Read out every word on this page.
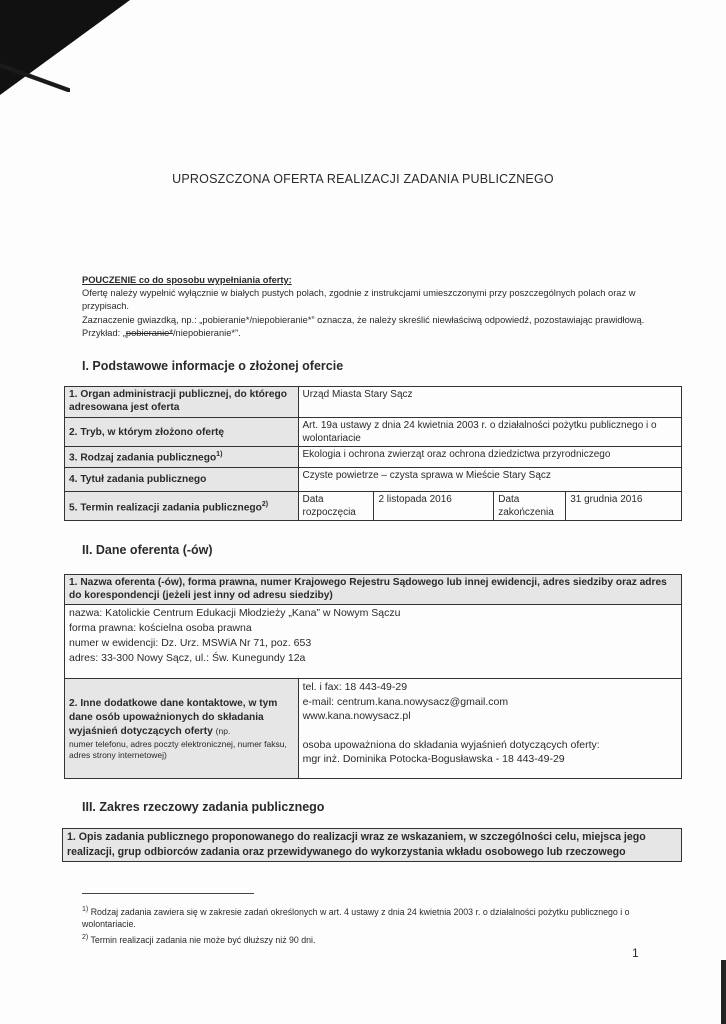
UPROSZCZONA OFERTA REALIZACJI ZADANIA PUBLICZNEGO
POUCZENIE co do sposobu wypełniania oferty:
Ofertę należy wypełnić wyłącznie w białych pustych polach, zgodnie z instrukcjami umieszczonymi przy poszczególnych polach oraz w przypisach.
Zaznaczenie gwiazdką, np.: „pobieranie*/niepobieranie*” oznacza, że należy skreślić niewłaściwą odpowiedź, pozostawiając prawidłową. Przykład: „pobieranie*/niepobieranie*”.
I. Podstawowe informacje o złożonej ofercie
1. Organ administracji publicznej, do którego adresowana jest oferta	Urząd Miasta Stary Sącz			
2. Tryb, w którym złożono ofertę	Art. 19a ustawy z dnia 24 kwietnia 2003 r. o działalności pożytku publicznego i o wolontariacie			
3. Rodzaj zadania publicznego$^{1)}$	Ekologia i ochrona zwierząt oraz ochrona dziedzictwa przyrodniczego			
4. Tytuł zadania publicznego	Czyste powietrze – czysta sprawa w Mieście Stary Sącz			
5. Termin realizacji zadania publicznego$^{2)}$	Data rozpoczęcia	2 listopada 2016	Data zakończenia	31 grudnia 2016
II. Dane oferenta (-ów)
1. Nazwa oferenta (-ów), forma prawna, numer Krajowego Rejestru Sądowego lub innej ewidencji, adres siedziby oraz adres do korespondencji (jeżeli jest inny od adresu siedziby)

nazwa: Katolickie Centrum Edukacji Młodzieży „Kana” w Nowym Sączu
forma prawna: kościelna osoba prawna
numer w ewidencji: Dz. Urz. MSWiA Nr 71, poz. 653
adres: 33-300 Nowy Sącz, ul.: Św. Kunegundy 12a

2. Inne dodatkowe dane kontaktowe, w tym dane osób upoważnionych do składania wyjaśnień dotyczących oferty (np.
numer telefonu, adres poczty elektronicznej, numer faksu, adres strony internetowej)

tel. i fax: 18 443-49-29
e-mail: centrum.kana.nowysacz@gmail.com
www.kana.nowysacz.pl
osoba upoważniona do składania wyjaśnień dotyczących oferty:
mgr inż. Dominika Potocka-Bogusławska - 18 443-49-29
III. Zakres rzeczowy zadania publicznego
1. Opis zadania publicznego proponowanego do realizacji wraz ze wskazaniem, w szczególności celu, miejsca jego realizacji, grup odbiorców zadania oraz przewidywanego do wykorzystania wkładu osobowego lub rzeczowego
$^{1)}$ Rodzaj zadania zawiera się w zakresie zadań określonych w art. 4 ustawy z dnia 24 kwietnia 2003 r. o działalności pożytku publicznego i o wolontariacie.
$^{2)}$ Termin realizacji zadania nie może być dłuższy niż 90 dni.
1
